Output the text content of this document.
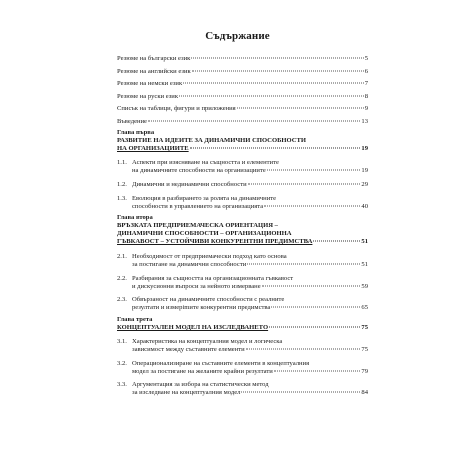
Съдържание
Резюме на български език	5
Резюме на английски език	6
Резюме на немски език	7
Резюме на руски език	8
Списък на таблици, фигури и приложения	9
Въведение	13
Глава първа
РАЗВИТИЕ НА ИДЕИТЕ ЗА ДИНАМИЧНИ СПОСОБНОСТИ
НА ОРГАНИЗАЦИИТЕ	19
1.1. Аспекти при изясняване на същността и елементите
на динамичните способности на организациите	19
1.2. Динамични и нединамични способности	29
1.3. Еволюция в разбирането за ролята на динамичните
способности в управлението на организацията	40
Глава втора
ВРЪЗКАТА ПРЕДПРИЕМАЧЕСКА ОРИЕНТАЦИЯ –
ДИНАМИЧНИ СПОСОБНОСТИ – ОРГАНИЗАЦИОННА
ГЪВКАВОСТ – УСТОЙЧИВИ КОНКУРЕНТНИ ПРЕДИМСТВА	51
2.1. Необходимост от предприемачески подход като основа
за постигане на динамични способности	51
2.2. Разбирания за същността на организационната гъвкавост
и дискусионни въпроси за нейното измерване	59
2.3. Обвързаност на динамичните способности с реалните
резултати и измерimите конкурентни предимства	65
Глава трета
КОНЦЕПТУАЛЕН МОДЕЛ НА ИЗСЛЕДВАНЕТО	75
3.1. Характеристика на концептуалния модел и логическа
зависимост между съставните елементи	75
3.2. Операционализиране на съставните елементи в концептуалния
модел за постигане на желаните крайни резултати	79
3.3. Аргументация за избора на статистически метод
за изследване на концептуалния модел	84
